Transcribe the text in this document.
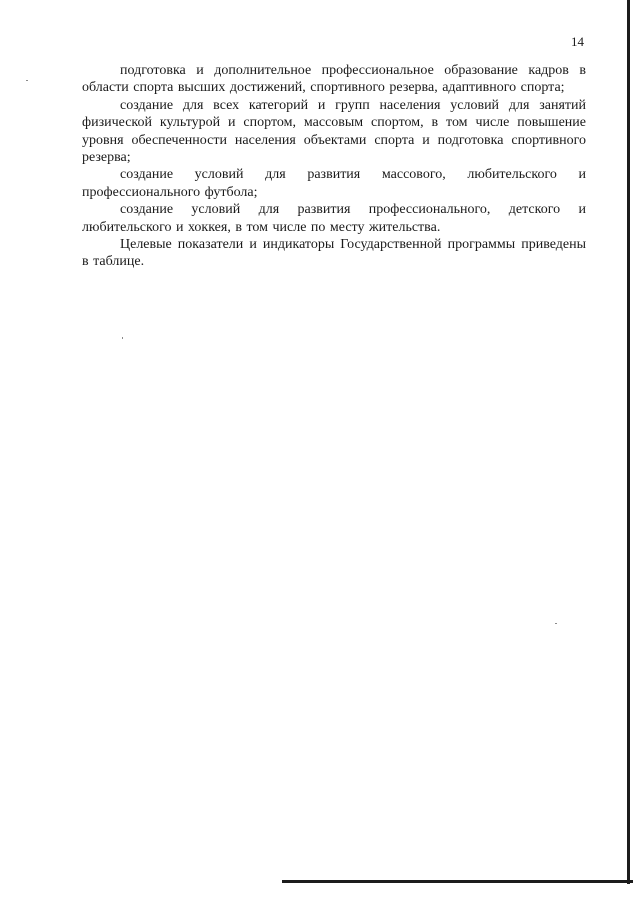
14

подготовка и дополнительное профессиональное образование кадров в области спорта высших достижений, спортивного резерва, адаптивного спорта;

создание для всех категорий и групп населения условий для занятий физической культурой и спортом, массовым спортом, в том числе повышение уровня обеспеченности населения объектами спорта и подготовка спортивного резерва;

создание условий для развития массового, любительского и профессионального футбола;

создание условий для развития профессионального, детского и любительского и хоккея, в том числе по месту жительства.

Целевые показатели и индикаторы Государственной программы приведены в таблице.
